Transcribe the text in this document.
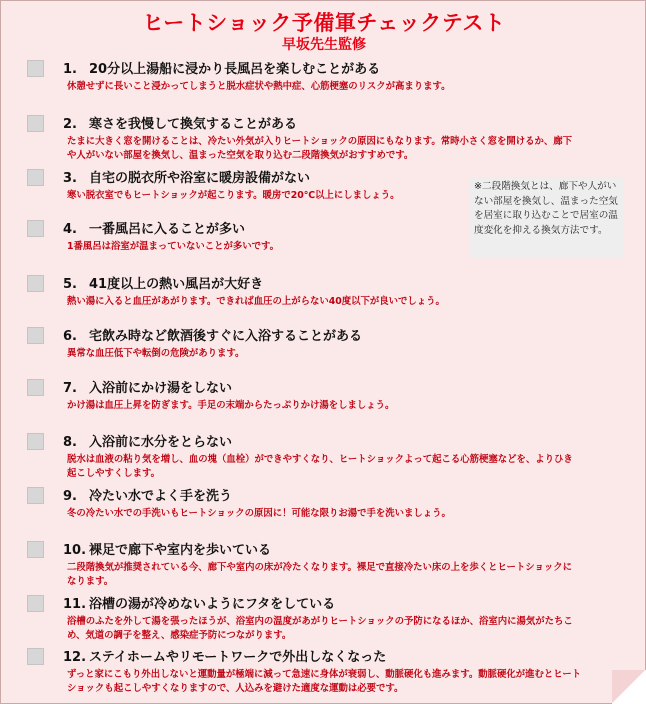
ヒートショック予備軍チェックテスト
早坂先生監修
1. 20分以上湯船に浸かり長風呂を楽しむことがある
休憩せずに長いこと浸かってしまうと脱水症状や熱中症、心筋梗塞のリスクが高まります。
2. 寒さを我慢して換気することがある
たまに大きく窓を開けることは、冷たい外気が入りヒートショックの原因にもなります。常時小さく窓を開けるか、廊下や人がいない部屋を換気し、温まった空気を取り込む二段階換気がおすすめです。
3. 自宅の脱衣所や浴室に暖房設備がない
寒い脱衣室でもヒートショックが起こります。暖房で20℃以上にしましょう。
4. 一番風呂に入ることが多い
1番風呂は浴室が温まっていないことが多いです。
5. 41度以上の熱い風呂が大好き
熱い湯に入ると血圧があがります。できれば血圧の上がらない40度以下が良いでしょう。
6. 宅飲み時など飲酒後すぐに入浴することがある
異常な血圧低下や転倒の危険があります。
7. 入浴前にかけ湯をしない
かけ湯は血圧上昇を防ぎます。手足の末端からたっぷりかけ湯をしましょう。
8. 入浴前に水分をとらない
脱水は血液の粘り気を増し、血の塊（血栓）ができやすくなり、ヒートショックよって起こる心筋梗塞などを、よりひき起こしやすくします。
9. 冷たい水でよく手を洗う
冬の冷たい水での手洗いもヒートショックの原因に！可能な限りお湯で手を洗いましょう。
10. 裸足で廊下や室内を歩いている
二段階換気が推奨されている今、廊下や室内の床が冷たくなります。裸足で直接冷たい床の上を歩くとヒートショックになります。
11. 浴槽の湯が冷めないようにフタをしている
浴槽のふたを外して湯を張ったほうが、浴室内の温度があがりヒートショックの予防になるほか、浴室内に湯気がたちこめ、気道の調子を整え、感染症予防につながります。
12. ステイホームやリモートワークで外出しなくなった
ずっと家にこもり外出しないと運動量が極端に減って急速に身体が衰弱し、動脈硬化も進みます。動脈硬化が進むとヒートショックも起こしやすくなりますので、人込みを避けた適度な運動は必要です。
※二段階換気とは、廊下や人がいない部屋を換気し、温まった空気を居室に取り込むことで居室の温度変化を抑える換気方法です。
